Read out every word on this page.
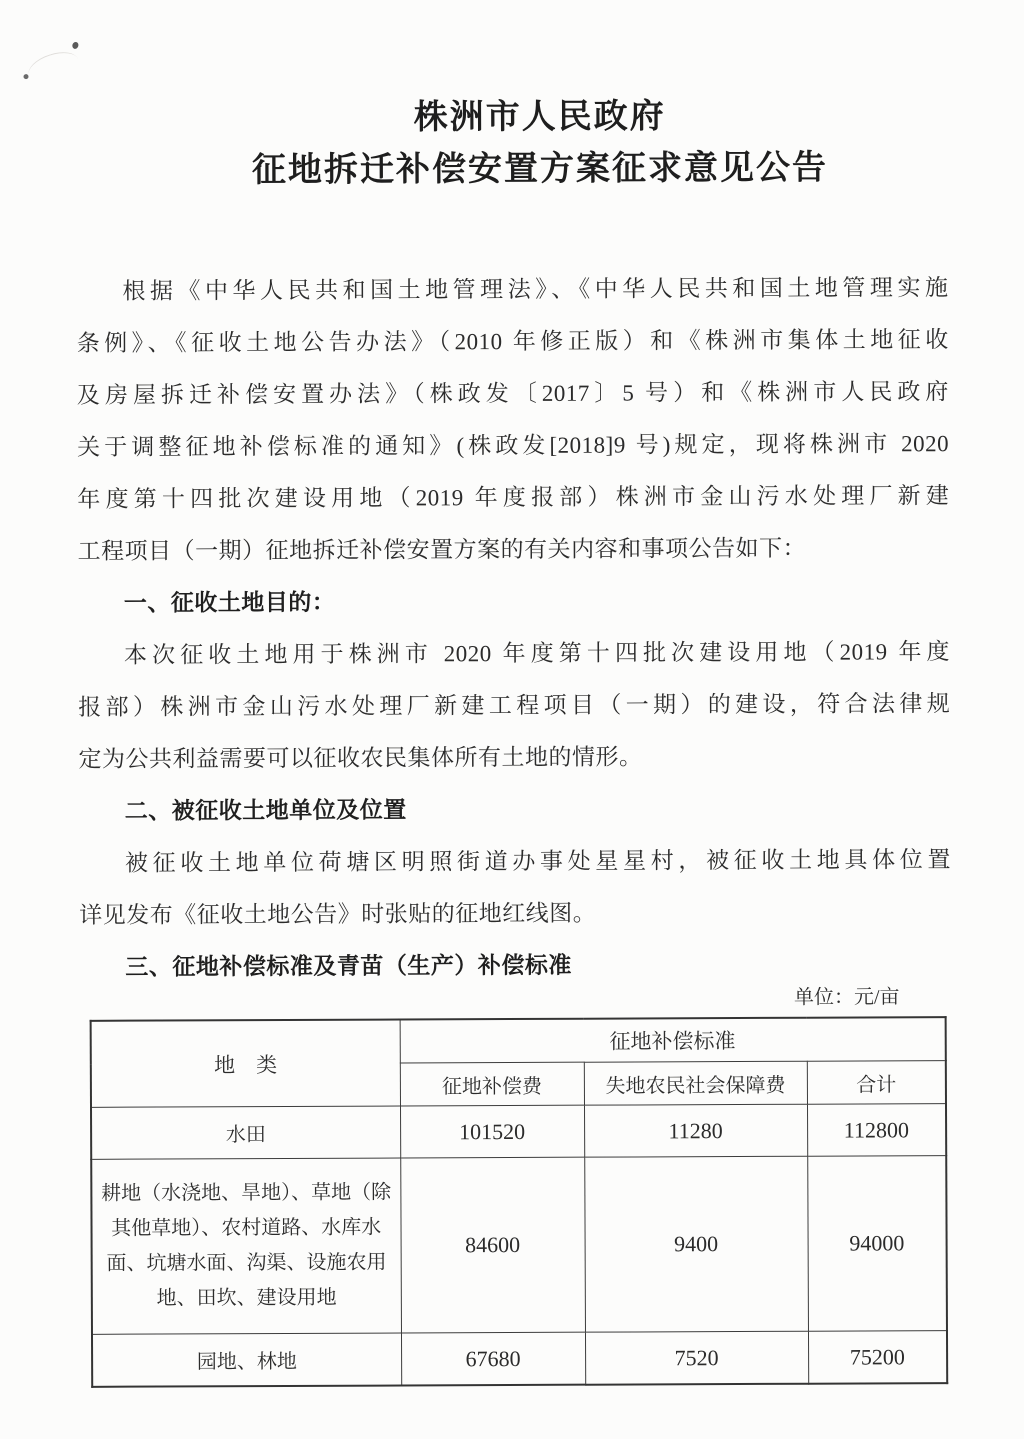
株洲市人民政府
征地拆迁补偿安置方案征求意见公告
根据《中华人民共和国土地管理法》、《中华人民共和国土地管理实施
条例》、《征收土地公告办法》（2010 年修正版）和《株洲市集体土地征收
及房屋拆迁补偿安置办法》（株政发〔2017〕5 号）和《株洲市人民政府
关于调整征地补偿标准的通知》(株政发[2018]9 号)规定，现将株洲市 2020
年度第十四批次建设用地（2019 年度报部）株洲市金山污水处理厂新建
工程项目（一期）征地拆迁补偿安置方案的有关内容和事项公告如下：
一、征收土地目的：
本次征收土地用于株洲市 2020 年度第十四批次建设用地（2019 年度
报部）株洲市金山污水处理厂新建工程项目（一期）的建设，符合法律规
定为公共利益需要可以征收农民集体所有土地的情形。
二、被征收土地单位及位置
被征收土地单位荷塘区明照街道办事处星星村，被征收土地具体位置
详见发布《征收土地公告》时张贴的征地红线图。
三、征地补偿标准及青苗（生产）补偿标准
单位：元/亩
地　类	征地补偿标准		
	征地补偿费	失地农民社会保障费	合计
水田	101520	11280	112800
耕地（水浇地、旱地）、草地（除其他草地）、农村道路、水库水面、坑塘水面、沟渠、设施农用地、田坎、建设用地	84600	9400	94000
园地、林地	67680	7520	75200
